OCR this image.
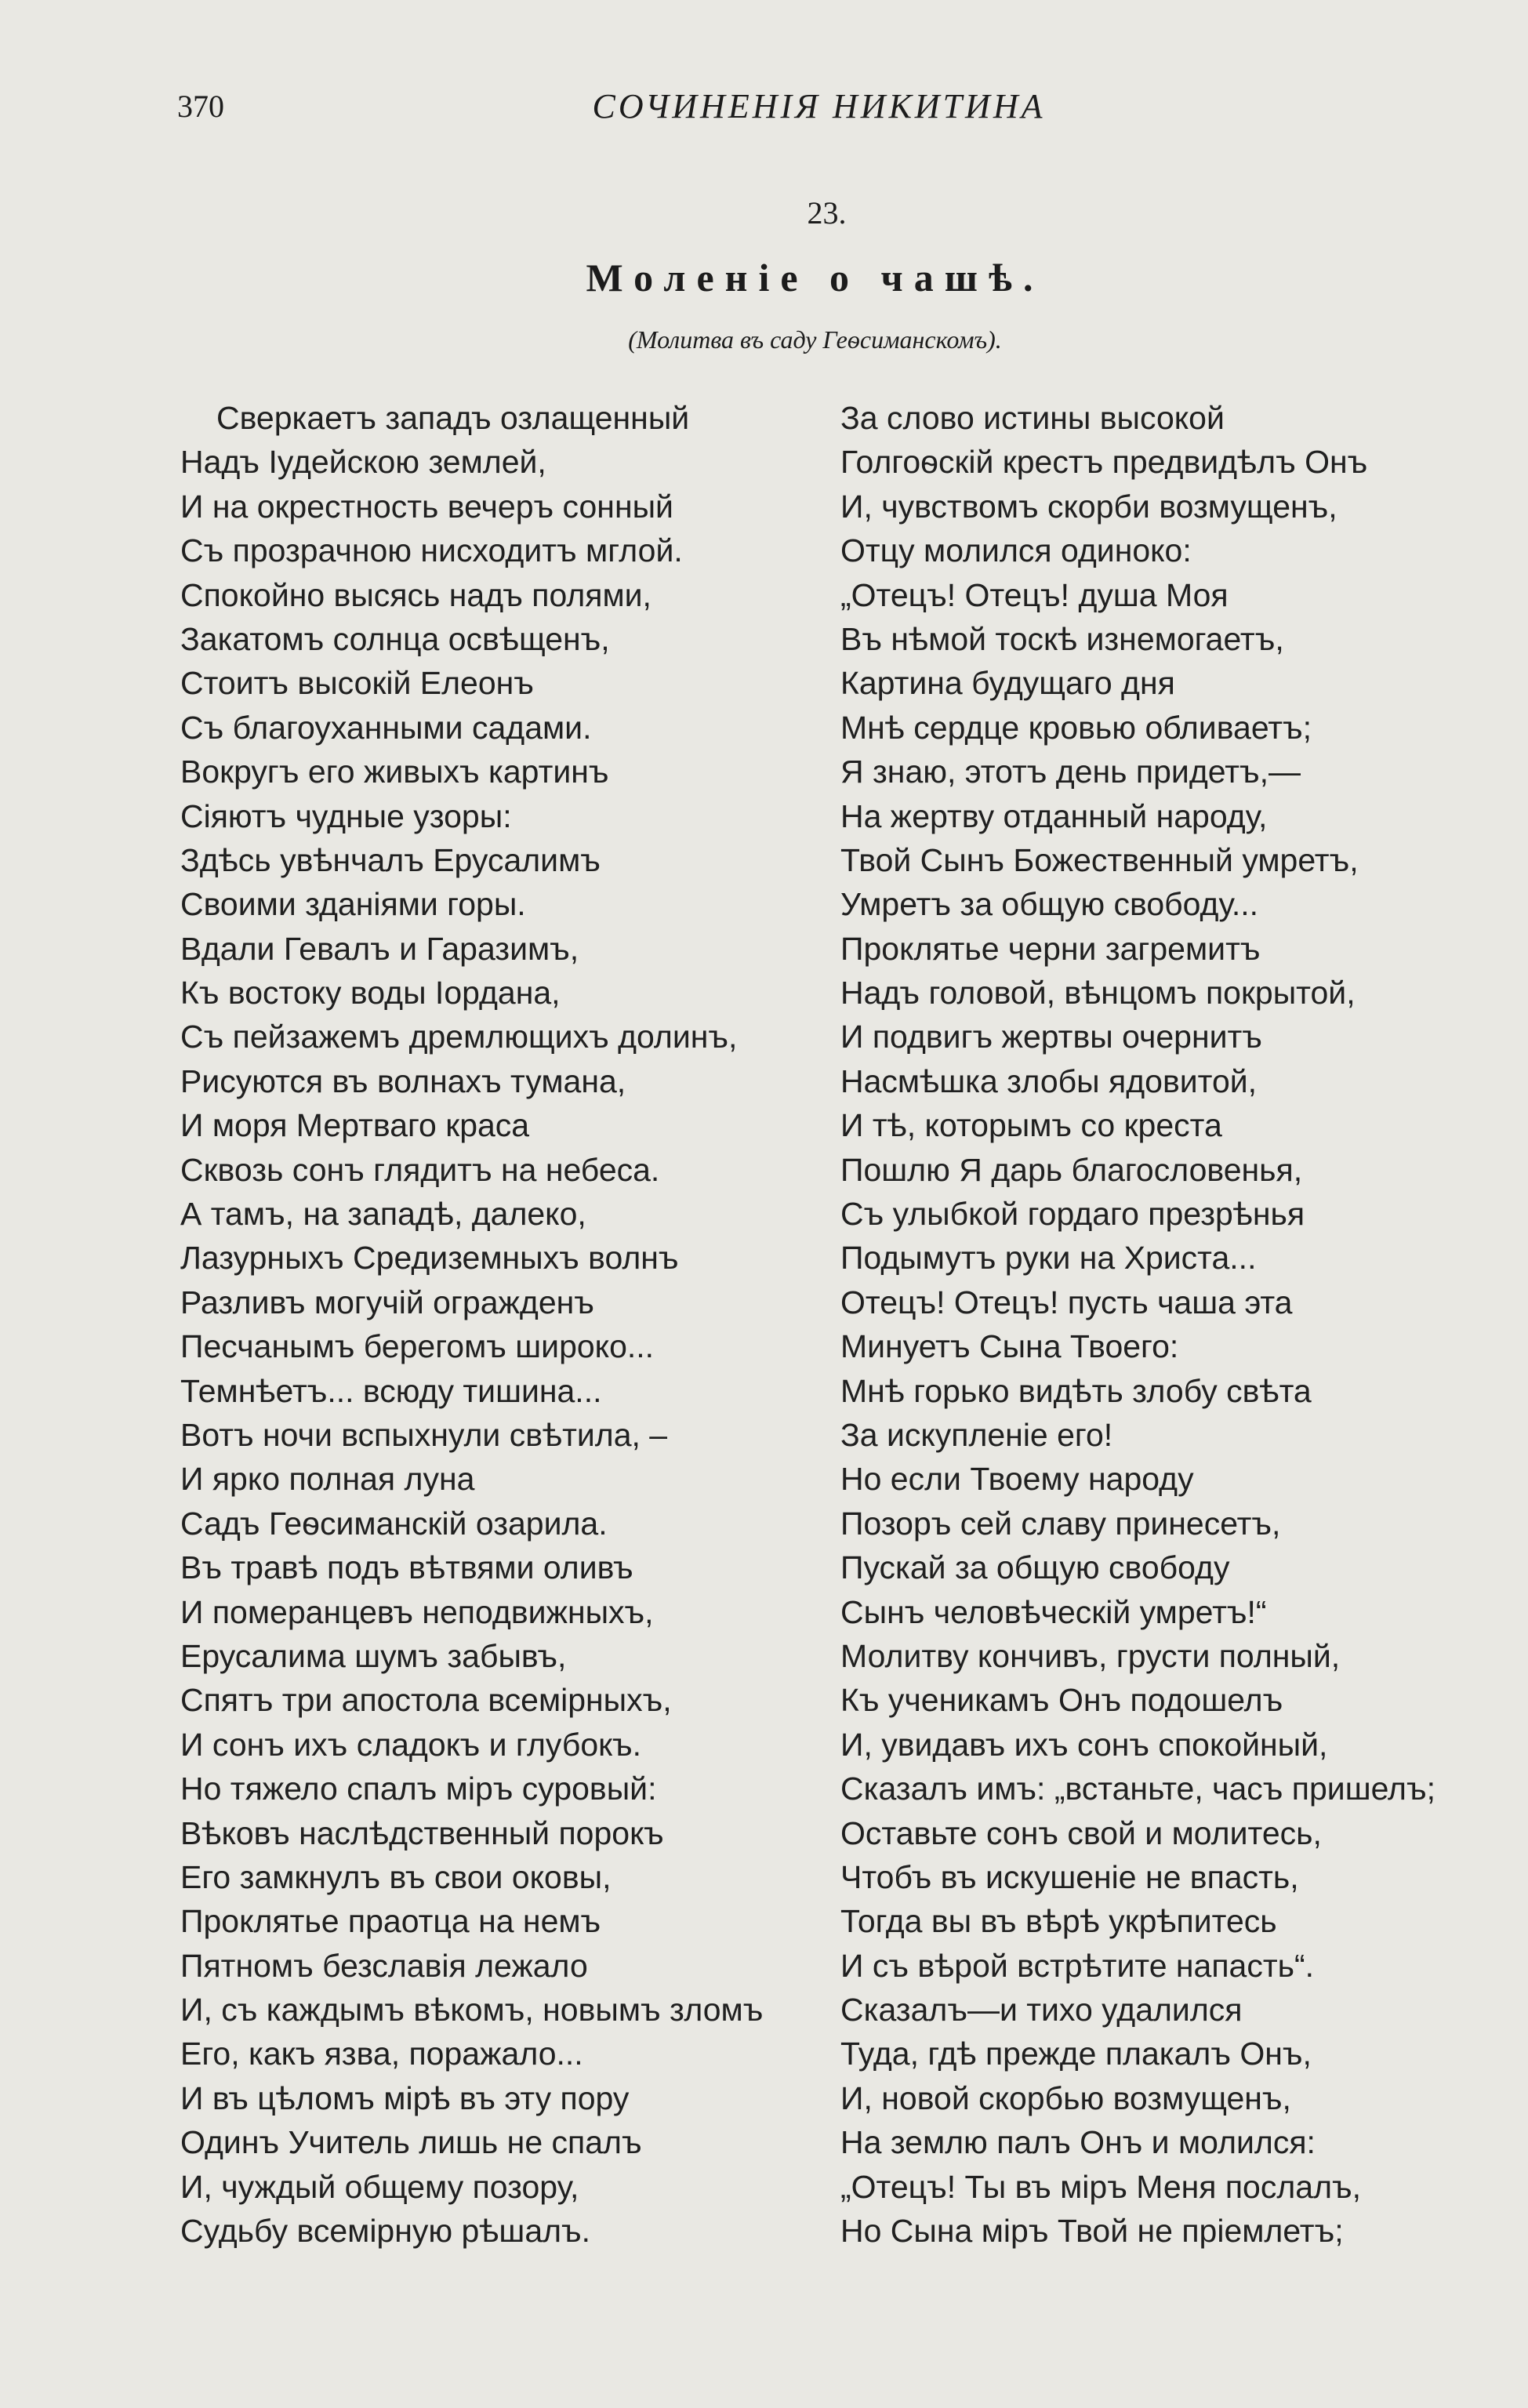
370	СОЧИНЕНІЯ НИКИТИНА
23.
Моленіе о чашѣ.
(Молитва въ саду Геѳсиманскомъ).
Сверкаетъ западъ озлащенный
Надъ Іудейскою землей,
И на окрестность вечеръ сонный
Съ прозрачною нисходитъ мглой.
Спокойно высясь надъ полями,
Закатомъ солнца освѣщенъ,
Стоитъ высокій Елеонъ
Съ благоуханными садами.
Вокругъ его живыхъ картинъ
Сіяютъ чудные узоры:
Здѣсь увѣнчалъ Ерусалимъ
Своими зданіями горы.
Вдали Гевалъ и Гаразимъ,
Къ востоку воды Іордана,
Съ пейзажемъ дремлющихъ долинъ,
Рисуются въ волнахъ тумана,
И моря Мертваго краса
Сквозь сонъ глядитъ на небеса.
А тамъ, на западѣ, далеко,
Лазурныхъ Средиземныхъ волнъ
Разливъ могучій огражденъ
Песчанымъ берегомъ широко...
Темнѣетъ... всюду тишина...
Вотъ ночи вспыхнули свѣтила, –
И ярко полная луна
Садъ Геѳсиманскій озарила.
Въ травѣ подъ вѣтвями оливъ
И померанцевъ неподвижныхъ,
Ерусалима шумъ забывъ,
Спятъ три апостола всемірныхъ,
И сонъ ихъ сладокъ и глубокъ.
Но тяжело спалъ міръ суровый:
Вѣковъ наслѣдственный порокъ
Его замкнулъ въ свои оковы,
Проклятье праотца на немъ
Пятномъ безславія лежало
И, съ каждымъ вѣкомъ, новымъ зломъ
Его, какъ язва, поражало...
И въ цѣломъ мірѣ въ эту пору
Одинъ Учитель лишь не спалъ
И, чуждый общему позору,
Судьбу всемірную рѣшалъ.
За слово истины высокой
Голгоѳскій крестъ предвидѣлъ Онъ
И, чувствомъ скорби возмущенъ,
Отцу молился одиноко:
„Отецъ! Отецъ! душа Моя
Въ нѣмой тоскѣ изнемогаетъ,
Картина будущаго дня
Мнѣ сердце кровью обливаетъ;
Я знаю, этотъ день придетъ,—
На жертву отданный народу,
Твой Сынъ Божественный умретъ,
Умретъ за общую свободу...
Проклятье черни загремитъ
Надъ головой, вѣнцомъ покрытой,
И подвигъ жертвы очернитъ
Насмѣшка злобы ядовитой,
И тѣ, которымъ со креста
Пошлю Я дарь благословенья,
Съ улыбкой гордаго презрѣнья
Подымутъ руки на Христа...
Отецъ! Отецъ! пусть чаша эта
Минуетъ Сына Твоего:
Мнѣ горько видѣть злобу свѣта
За искупленіе его!
Но если Твоему народу
Позоръ сей славу принесетъ,
Пускай за общую свободу
Сынъ человѣческій умретъ!“
Молитву кончивъ, грусти полный,
Къ ученикамъ Онъ подошелъ
И, увидавъ ихъ сонъ спокойный,
Сказалъ имъ: „встаньте, часъ пришелъ;
Оставьте сонъ свой и молитесь,
Чтобъ въ искушеніе не впасть,
Тогда вы въ вѣрѣ укрѣпитесь
И съ вѣрой встрѣтите напасть“.
Сказалъ—и тихо удалился
Туда, гдѣ прежде плакалъ Онъ,
И, новой скорбью возмущенъ,
На землю палъ Онъ и молился:
„Отецъ! Ты въ міръ Меня послалъ,
Но Сына міръ Твой не пріемлетъ;
